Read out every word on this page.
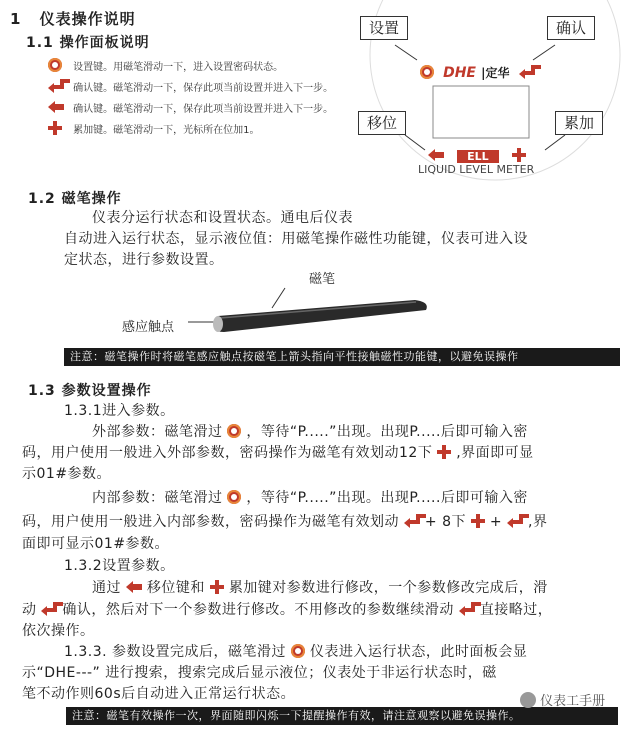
1 仪表操作说明
1.1 操作面板说明
设置键。用磁笔滑动一下，进入设置密码状态。
确认键。磁笔滑动一下，保存此项当前设置并进入下一步。
确认键。磁笔滑动一下，保存此项当前设置并进入下一步。
累加键。磁笔滑动一下，光标所在位加1。
设置	确认
移位	累加
DHE |定华
ELL
LIQUID LEVEL METER
1.2 磁笔操作
仪表分运行状态和设置状态。通电后仪表
自动进入运行状态，显示液位值：用磁笔操作磁性功能键，仪表可进入设
定状态，进行参数设置。
磁笔
感应触点
注意：磁笔操作时将磁笔感应触点按磁笔上箭头指向平性接触磁性功能键，以避免误操作
1.3 参数设置操作
1.3.1进入参数。
外部参数：磁笔滑过 ，等待“P.....”出现。出现P.....后即可输入密
码，用户使用一般进入外部参数，密码操作为磁笔有效划动12下 ,界面即可显
示01#参数。
内部参数：磁笔滑过 ，等待“P.....”出现。出现P.....后即可输入密
码，用户使用一般进入内部参数，密码操作为磁笔有效划动 + 8下 + ,界
面即可显示01#参数。
1.3.2设置参数。
通过 移位键和 累加键对参数进行修改，一个参数修改完成后，滑
动 确认，然后对下一个参数进行修改。不用修改的参数继续滑动 直接略过，
依次操作。
1.3.3. 参数设置完成后，磁笔滑过 仪表进入运行状态，此时面板会显
示“DHE---” 进行搜索，搜索完成后显示液位；仪表处于非运行状态时，磁
笔不动作则60s后自动进入正常运行状态。
注意：磁笔有效操作一次，界面随即闪烁一下提醒操作有效，请注意观察以避免误操作。
仪表工手册
